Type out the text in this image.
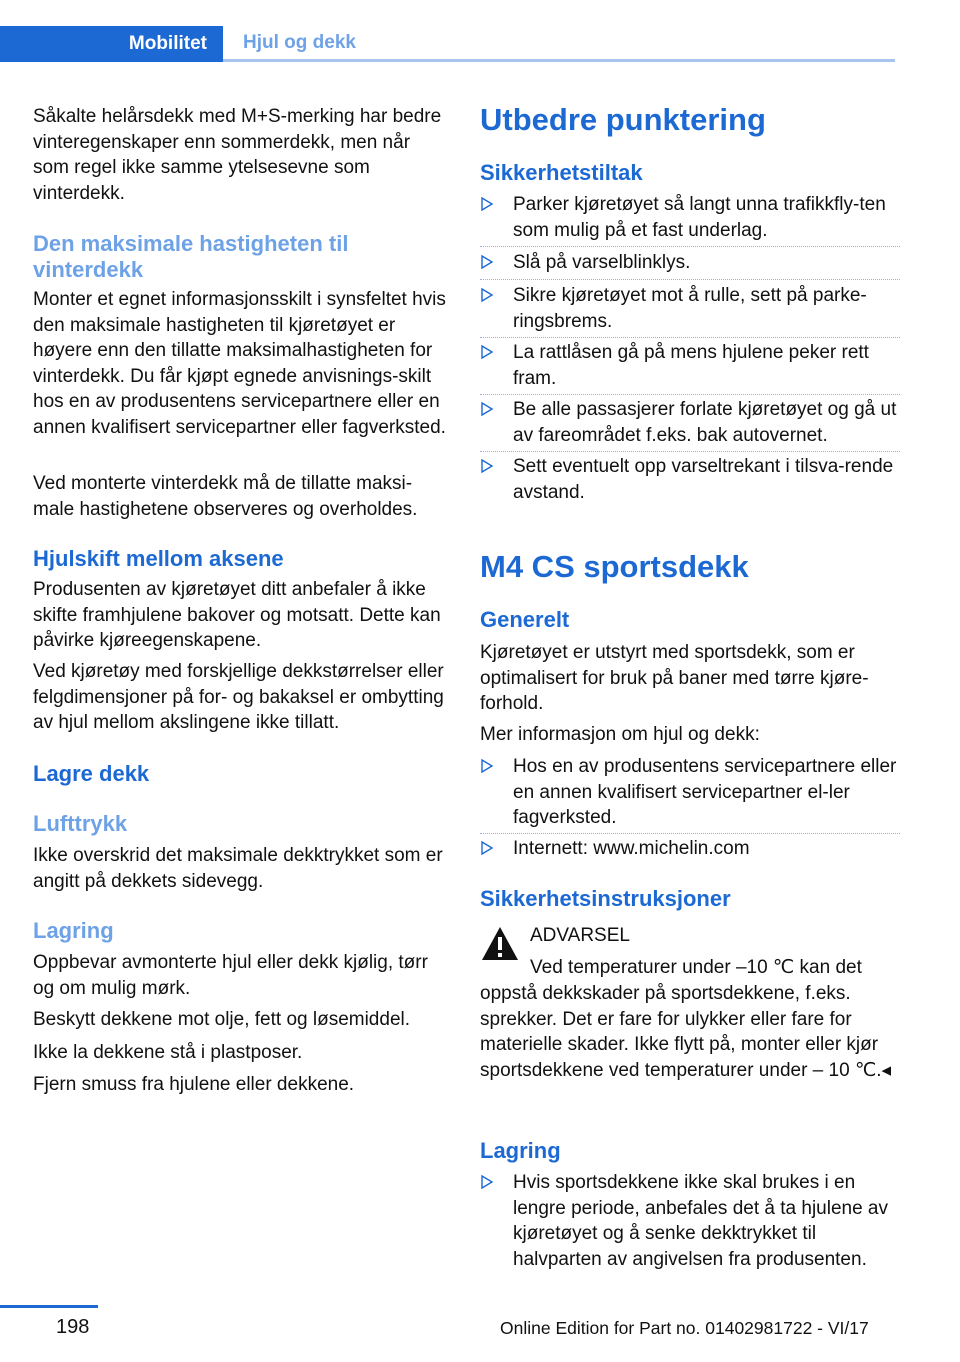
Mobilitet	Hjul og dekk

Såkalte helårsdekk med M+S-merking har bedre vinteregenskaper enn sommerdekk, men når som regel ikke samme ytelsesevne som vinterdekk.

Den maksimale hastigheten til vinterdekk

Monter et egnet informasjonsskilt i synsfeltet hvis den maksimale hastigheten til kjøretøyet er høyere enn den tillatte maksimalhastigheten for vinterdekk. Du får kjøpt egnede anvisnings-skilt hos en av produsentens servicepartnere eller en annen kvalifisert servicepartner eller fagverksted.

Ved monterte vinterdekk må de tillatte maksi-male hastighetene observeres og overholdes.

Hjulskift mellom aksene

Produsenten av kjøretøyet ditt anbefaler å ikke skifte framhjulene bakover og motsatt. Dette kan påvirke kjøreegenskapene.

Ved kjøretøy med forskjellige dekkstørrelser eller felgdimensjoner på for- og bakaksel er ombytting av hjul mellom akslingene ikke tillatt.

Lagre dekk
Lufttrykk

Ikke overskrid det maksimale dekktrykket som er angitt på dekkets sidevegg.

Lagring

Oppbevar avmonterte hjul eller dekk kjølig, tørr og om mulig mørk.

Beskytt dekkene mot olje, fett og løsemiddel.

Ikke la dekkene stå i plastposer.

Fjern smuss fra hjulene eller dekkene.

Utbedre punktering
Sikkerhetstiltak

Parker kjøretøyet så langt unna trafikkfly-ten som mulig på et fast underlag.

Slå på varselblinklys.

Sikre kjøretøyet mot å rulle, sett på parke-ringsbrems.

La rattlåsen gå på mens hjulene peker rett fram.

Be alle passasjerer forlate kjøretøyet og gå ut av fareområdet f.eks. bak autovernet.

Sett eventuelt opp varseltrekant i tilsva-rende avstand.

M4 CS sportsdekk
Generelt

Kjøretøyet er utstyrt med sportsdekk, som er optimalisert for bruk på baner med tørre kjøre-forhold.

Mer informasjon om hjul og dekk:

Hos en av produsentens servicepartnere eller en annen kvalifisert servicepartner el-ler fagverksted.

Internett: www.michelin.com

Sikkerhetsinstruksjoner

ADVARSEL

Ved temperaturer under –10 ℃ kan det

oppstå dekkskader på sportsdekkene, f.eks. sprekker. Det er fare for ulykker eller fare for materielle skader. Ikke flytt på, monter eller kjør sportsdekkene ved temperaturer under – 10 ℃.◂

Lagring

Hvis sportsdekkene ikke skal brukes i en lengre periode, anbefales det å ta hjulene av kjøretøyet og å senke dekktrykket til halvparten av angivelsen fra produsenten.

198	Online Edition for Part no. 01402981722 - VI/17
